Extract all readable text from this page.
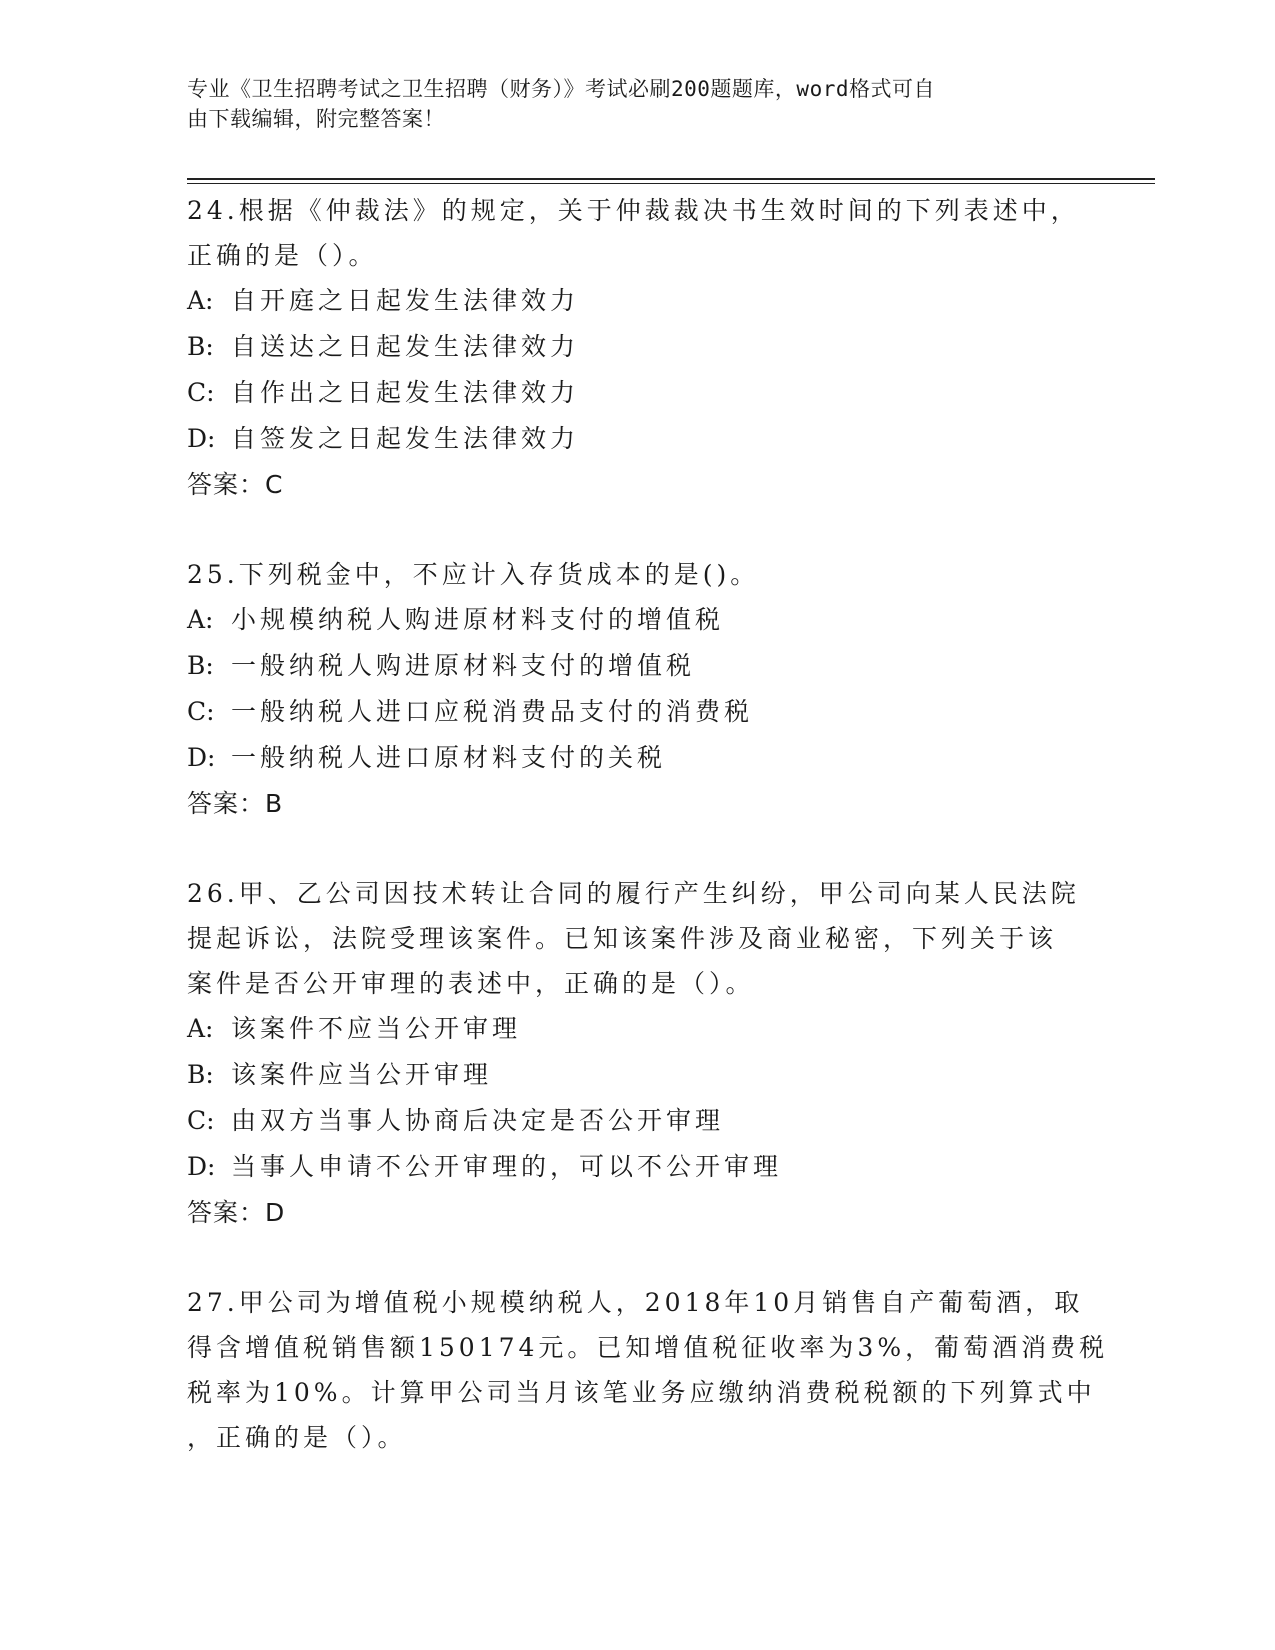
专业《卫生招聘考试之卫生招聘（财务）》考试必刷200题题库，word格式可自
由下载编辑，附完整答案！
24.根据《仲裁法》的规定，关于仲裁裁决书生效时间的下列表述中，
正确的是（）。
A: 自开庭之日起发生法律效力
B: 自送达之日起发生法律效力
C: 自作出之日起发生法律效力
D: 自签发之日起发生法律效力
答案：C
25.下列税金中，不应计入存货成本的是()。
A: 小规模纳税人购进原材料支付的增值税
B: 一般纳税人购进原材料支付的增值税
C: 一般纳税人进口应税消费品支付的消费税
D: 一般纳税人进口原材料支付的关税
答案：B
26.甲、乙公司因技术转让合同的履行产生纠纷，甲公司向某人民法院
提起诉讼，法院受理该案件。已知该案件涉及商业秘密，下列关于该
案件是否公开审理的表述中，正确的是（）。
A: 该案件不应当公开审理
B: 该案件应当公开审理
C: 由双方当事人协商后决定是否公开审理
D: 当事人申请不公开审理的，可以不公开审理
答案：D
27.甲公司为增值税小规模纳税人，2018年10月销售自产葡萄酒，取
得含增值税销售额150174元。已知增值税征收率为3%，葡萄酒消费税
税率为10%。计算甲公司当月该笔业务应缴纳消费税税额的下列算式中
，正确的是（）。
